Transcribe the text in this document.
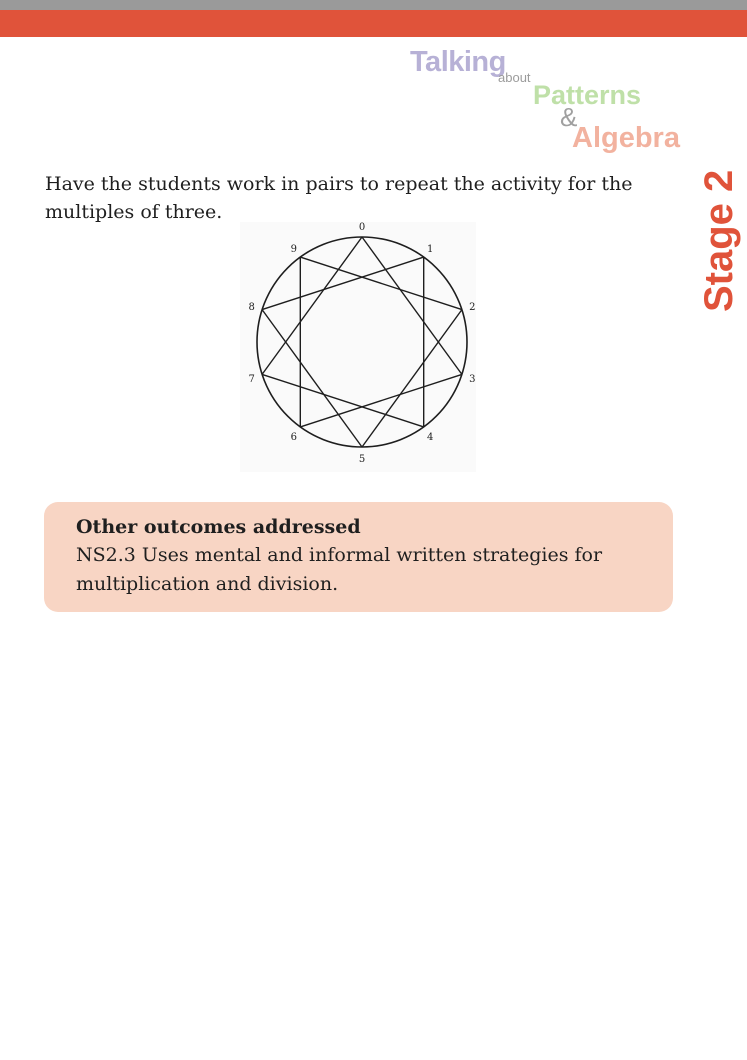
Talking
about
Patterns
&
Algebra
Stage 2

Have the students work in pairs to repeat the activity for the multiples of three.

0
1
2
3
4
5
6
7
8
9
Other outcomes addressed
NS2.3 Uses mental and informal written strategies for multiplication and division.
